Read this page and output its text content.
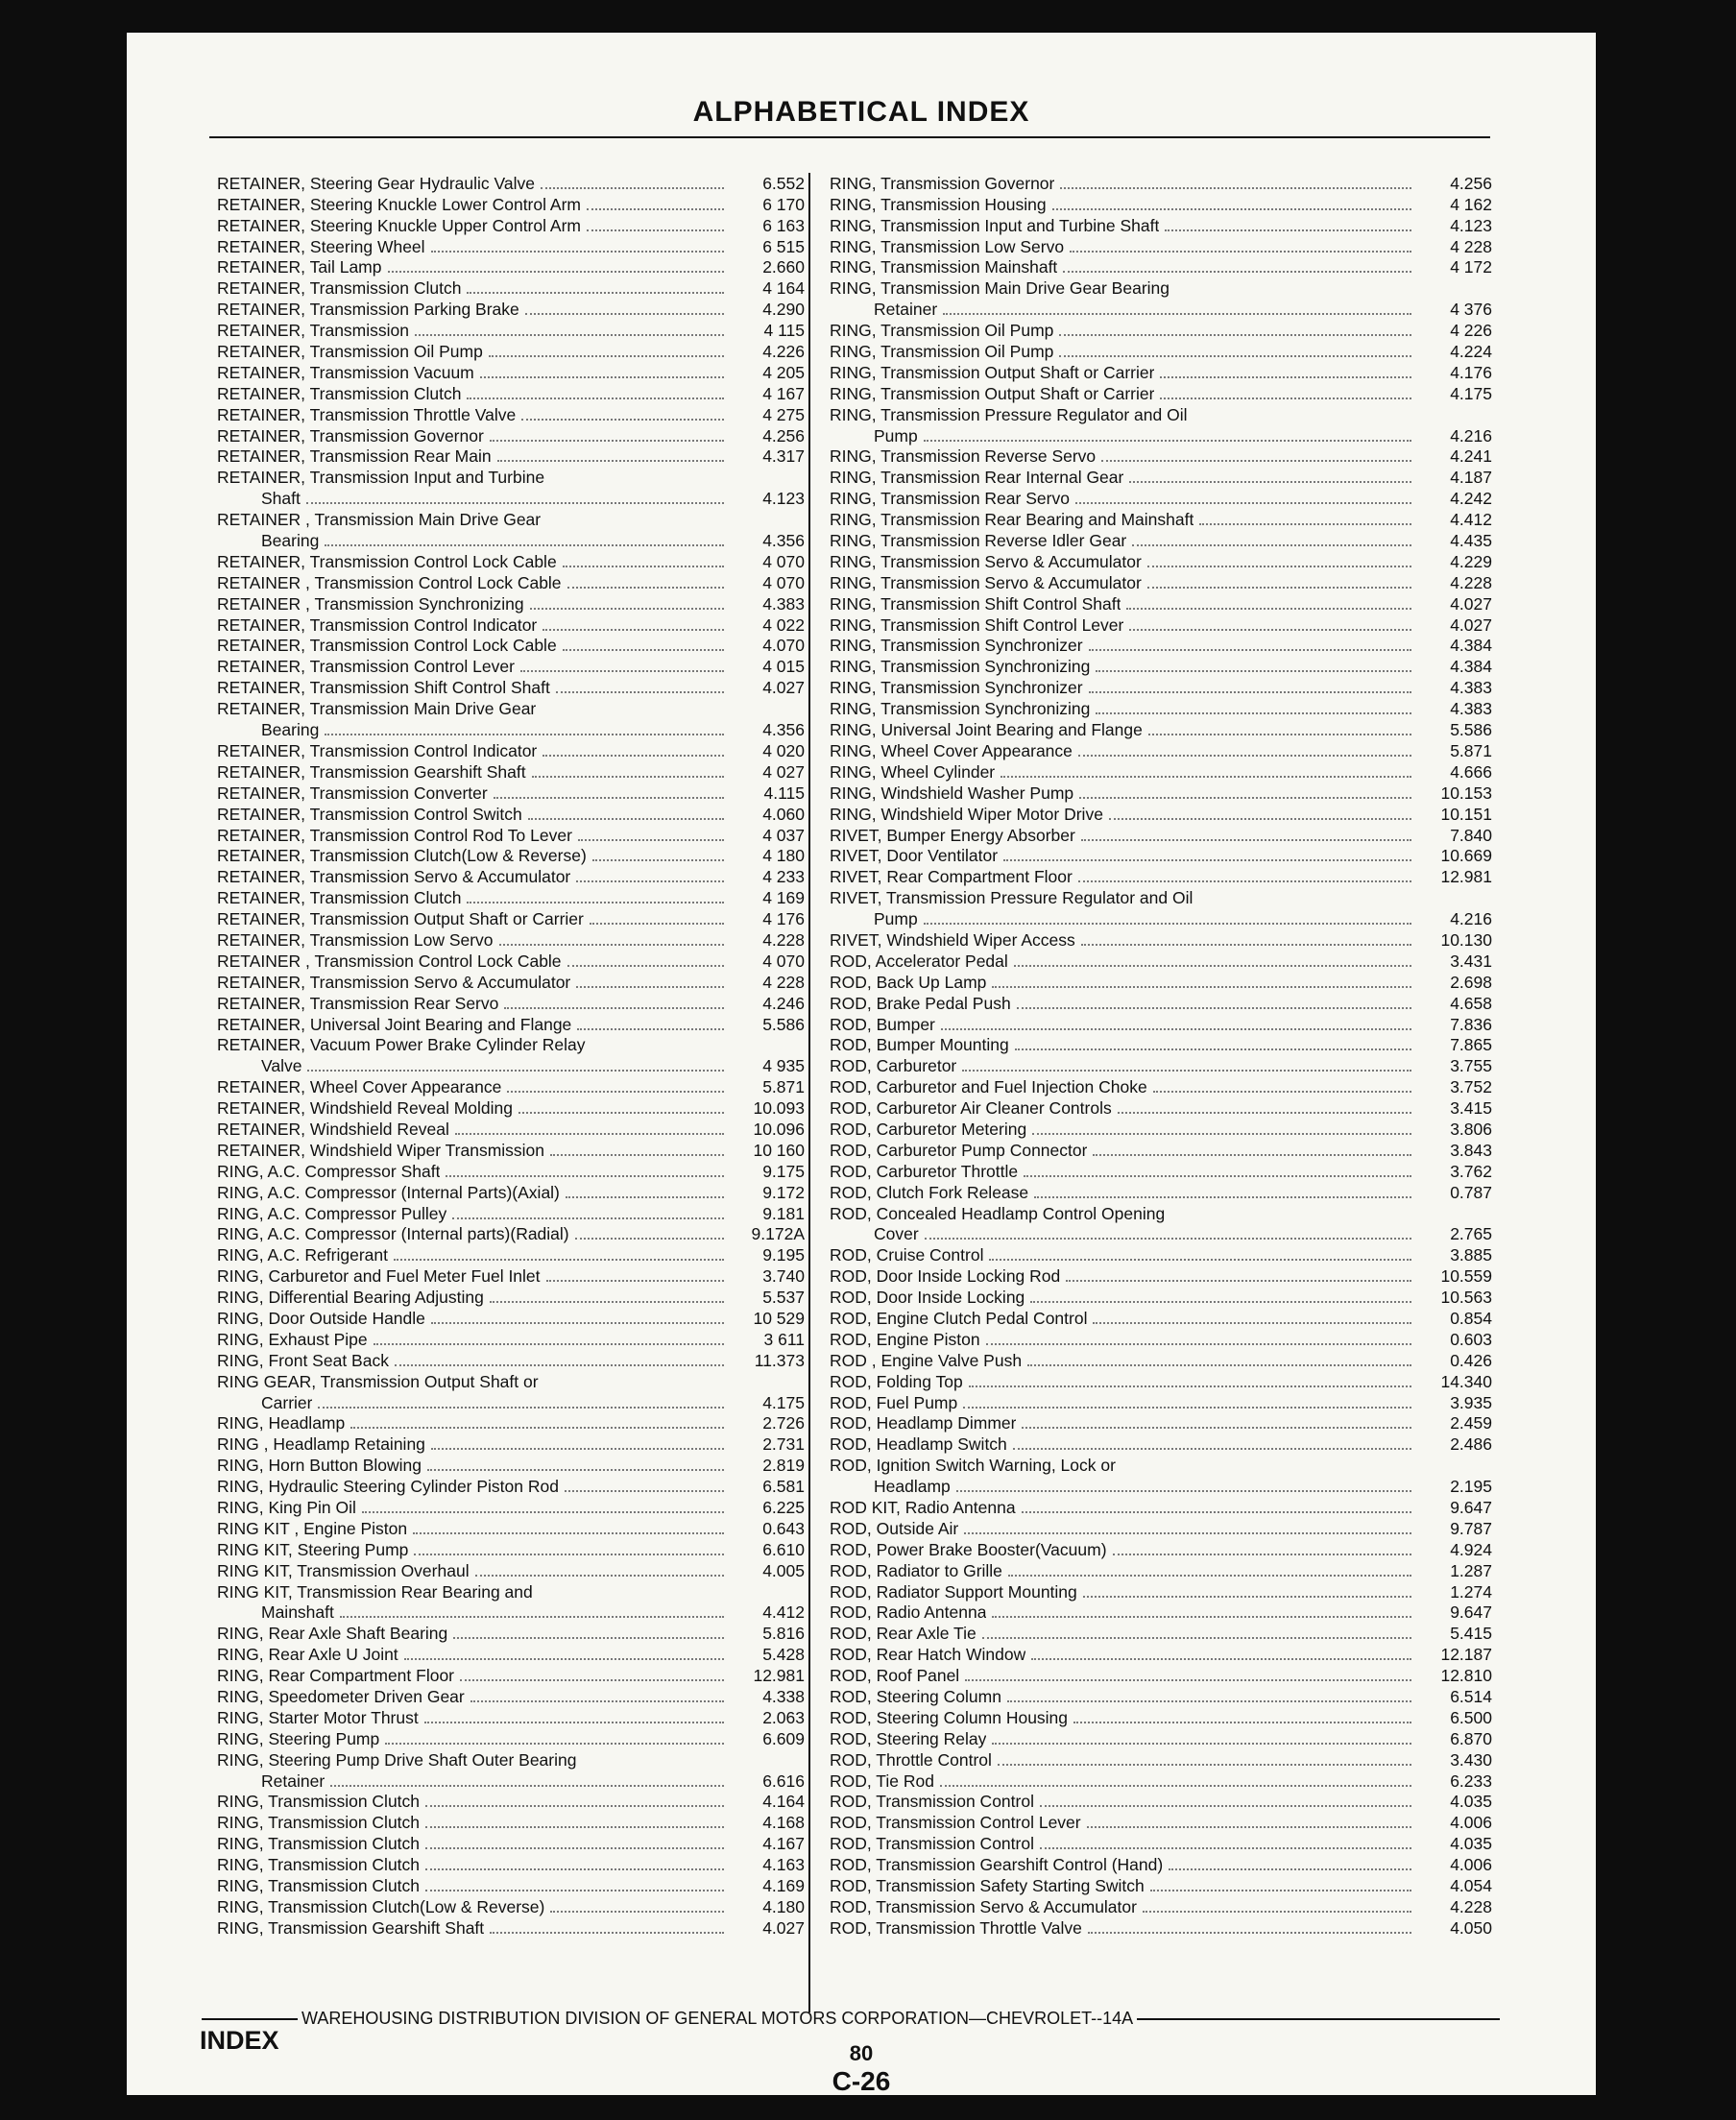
ALPHABETICAL INDEX
RETAINER, Steering Gear Hydraulic Valve	6.552
RETAINER, Steering Knuckle Lower Control Arm	6 170
RETAINER, Steering Knuckle Upper Control Arm	6 163
RETAINER, Steering Wheel	6 515
RETAINER, Tail Lamp	2.660
RETAINER, Transmission Clutch	4 164
RETAINER, Transmission Parking Brake	4.290
RETAINER, Transmission	4 115
RETAINER, Transmission Oil Pump	4.226
RETAINER, Transmission Vacuum	4 205
RETAINER, Transmission Clutch	4 167
RETAINER, Transmission Throttle Valve	4 275
RETAINER, Transmission Governor	4.256
RETAINER, Transmission Rear Main	4.317
RETAINER, Transmission Input and Turbine
Shaft	4.123
RETAINER , Transmission Main Drive Gear
Bearing	4.356
RETAINER, Transmission Control Lock Cable	4 070
RETAINER , Transmission Control Lock Cable	4 070
RETAINER , Transmission Synchronizing	4.383
RETAINER, Transmission Control Indicator	4 022
RETAINER, Transmission Control Lock Cable	4.070
RETAINER, Transmission Control Lever	4 015
RETAINER, Transmission Shift Control Shaft	4.027
RETAINER, Transmission Main Drive Gear
Bearing	4.356
RETAINER, Transmission Control Indicator	4 020
RETAINER, Transmission Gearshift Shaft	4 027
RETAINER, Transmission Converter	4.115
RETAINER, Transmission Control Switch	4.060
RETAINER, Transmission Control Rod To Lever	4 037
RETAINER, Transmission Clutch(Low & Reverse)	4 180
RETAINER, Transmission Servo & Accumulator	4 233
RETAINER, Transmission Clutch	4 169
RETAINER, Transmission Output Shaft or Carrier	4 176
RETAINER, Transmission Low Servo	4.228
RETAINER , Transmission Control Lock Cable	4 070
RETAINER, Transmission Servo & Accumulator	4 228
RETAINER, Transmission Rear Servo	4.246
RETAINER, Universal Joint Bearing and Flange	5.586
RETAINER, Vacuum Power Brake Cylinder Relay
Valve	4 935
RETAINER, Wheel Cover Appearance	5.871
RETAINER, Windshield Reveal Molding	10.093
RETAINER, Windshield Reveal	10.096
RETAINER, Windshield Wiper Transmission	10 160
RING, A.C. Compressor Shaft	9.175
RING, A.C. Compressor (Internal Parts)(Axial)	9.172
RING, A.C. Compressor Pulley	9.181
RING, A.C. Compressor (Internal parts)(Radial)	9.172A
RING, A.C. Refrigerant	9.195
RING, Carburetor and Fuel Meter Fuel Inlet	3.740
RING, Differential Bearing Adjusting	5.537
RING, Door Outside Handle	10 529
RING, Exhaust Pipe	3 611
RING, Front Seat Back	11.373
RING GEAR, Transmission Output Shaft or
Carrier	4.175
RING, Headlamp	2.726
RING , Headlamp Retaining	2.731
RING, Horn Button Blowing	2.819
RING, Hydraulic Steering Cylinder Piston Rod	6.581
RING, King Pin Oil	6.225
RING KIT , Engine Piston	0.643
RING KIT, Steering Pump	6.610
RING KIT, Transmission Overhaul	4.005
RING KIT, Transmission Rear Bearing and
Mainshaft	4.412
RING, Rear Axle Shaft Bearing	5.816
RING, Rear Axle U Joint	5.428
RING, Rear Compartment Floor	12.981
RING, Speedometer Driven Gear	4.338
RING, Starter Motor Thrust	2.063
RING, Steering Pump	6.609
RING, Steering Pump Drive Shaft Outer Bearing
Retainer	6.616
RING, Transmission Clutch	4.164
RING, Transmission Clutch	4.168
RING, Transmission Clutch	4.167
RING, Transmission Clutch	4.163
RING, Transmission Clutch	4.169
RING, Transmission Clutch(Low & Reverse)	4.180
RING, Transmission Gearshift Shaft	4.027
RING, Transmission Governor	4.256
RING, Transmission Housing	4 162
RING, Transmission Input and Turbine Shaft	4.123
RING, Transmission Low Servo	4 228
RING, Transmission Mainshaft	4 172
RING, Transmission Main Drive Gear Bearing
Retainer	4 376
RING, Transmission Oil Pump	4 226
RING, Transmission Oil Pump	4.224
RING, Transmission Output Shaft or Carrier	4.176
RING, Transmission Output Shaft or Carrier	4.175
RING, Transmission Pressure Regulator and Oil
Pump	4.216
RING, Transmission Reverse Servo	4.241
RING, Transmission Rear Internal Gear	4.187
RING, Transmission Rear Servo	4.242
RING, Transmission Rear Bearing and Mainshaft	4.412
RING, Transmission Reverse Idler Gear	4.435
RING, Transmission Servo & Accumulator	4.229
RING, Transmission Servo & Accumulator	4.228
RING, Transmission Shift Control Shaft	4.027
RING, Transmission Shift Control Lever	4.027
RING, Transmission Synchronizer	4.384
RING, Transmission Synchronizing	4.384
RING, Transmission Synchronizer	4.383
RING, Transmission Synchronizing	4.383
RING, Universal Joint Bearing and Flange	5.586
RING, Wheel Cover Appearance	5.871
RING, Wheel Cylinder	4.666
RING, Windshield Washer Pump	10.153
RING, Windshield Wiper Motor Drive	10.151
RIVET, Bumper Energy Absorber	7.840
RIVET, Door Ventilator	10.669
RIVET, Rear Compartment Floor	12.981
RIVET, Transmission Pressure Regulator and Oil
Pump	4.216
RIVET, Windshield Wiper Access	10.130
ROD, Accelerator Pedal	3.431
ROD, Back Up Lamp	2.698
ROD, Brake Pedal Push	4.658
ROD, Bumper	7.836
ROD, Bumper Mounting	7.865
ROD, Carburetor	3.755
ROD, Carburetor and Fuel Injection Choke	3.752
ROD, Carburetor Air Cleaner Controls	3.415
ROD, Carburetor Metering	3.806
ROD, Carburetor Pump Connector	3.843
ROD, Carburetor Throttle	3.762
ROD, Clutch Fork Release	0.787
ROD, Concealed Headlamp Control Opening
Cover	2.765
ROD, Cruise Control	3.885
ROD, Door Inside Locking Rod	10.559
ROD, Door Inside Locking	10.563
ROD, Engine Clutch Pedal Control	0.854
ROD, Engine Piston	0.603
ROD , Engine Valve Push	0.426
ROD, Folding Top	14.340
ROD, Fuel Pump	3.935
ROD, Headlamp Dimmer	2.459
ROD, Headlamp Switch	2.486
ROD, Ignition Switch Warning, Lock or
Headlamp	2.195
ROD KIT, Radio Antenna	9.647
ROD, Outside Air	9.787
ROD, Power Brake Booster(Vacuum)	4.924
ROD, Radiator to Grille	1.287
ROD, Radiator Support Mounting	1.274
ROD, Radio Antenna	9.647
ROD, Rear Axle Tie	5.415
ROD, Rear Hatch Window	12.187
ROD, Roof Panel	12.810
ROD, Steering Column	6.514
ROD, Steering Column Housing	6.500
ROD, Steering Relay	6.870
ROD, Throttle Control	3.430
ROD, Tie Rod	6.233
ROD, Transmission Control	4.035
ROD, Transmission Control Lever	4.006
ROD, Transmission Control	4.035
ROD, Transmission Gearshift Control (Hand)	4.006
ROD, Transmission Safety Starting Switch	4.054
ROD, Transmission Servo & Accumulator	4.228
ROD, Transmission Throttle Valve	4.050
WAREHOUSING DISTRIBUTION DIVISION OF GENERAL MOTORS CORPORATION—CHEVROLET--14A
INDEX	80
C-26
